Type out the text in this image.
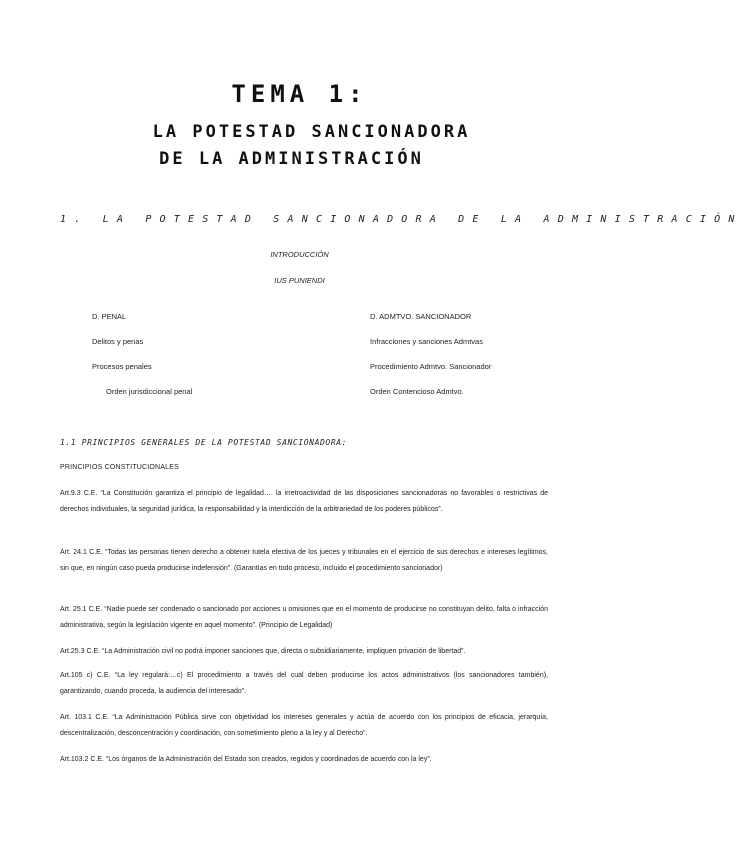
TEMA 1:
LA POTESTAD SANCIONADORA
DE LA ADMINISTRACIÓN
1. LA POTESTAD SANCIONADORA DE LA ADMINISTRACIÓN
INTRODUCCIÓN
IUS PUNIENDI
D. PENAL
Delitos y penas
Procesos penales
Orden jurisdiccional penal
D. ADMTVO. SANCIONADOR
Infracciones y sanciones Admtvas
Procedimiento Admtvo. Sancionador
Orden Contencioso Admtvo.
1.1 PRINCIPIOS GENERALES DE LA POTESTAD SANCIONADORA:
PRINCIPIOS CONSTITUCIONALES

Art.9.3 C.E. “La Constitución garantiza el principio de legalidad…. la irretroactividad de las disposiciones sancionadoras no favorables o restrictivas de derechos individuales, la seguridad jurídica, la responsabilidad y la interdicción de la arbitrariedad de los poderes públicos”.

Art. 24.1 C.E. “Todas las personas tienen derecho a obtener tutela efectiva de los jueces y tribunales en el ejercicio de sus derechos e intereses legítimos, sin que, en ningún caso pueda producirse indefensión”. (Garantías en todo proceso, incluido el procedimiento sancionador)

Art. 25.1 C.E. “Nadie puede ser condenado o sancionado por acciones u omisiones que en el momento de producirse no constituyan delito, falta o infracción administrativa, según la legislación vigente en aquel momento”. (Principio de Legalidad)

Art.25.3 C.E. “La Administración civil no podrá imponer sanciones que, directa o subsidiariamente, impliquen privación de libertad”.

Art.105 c) C.E. “La ley regulará:…c) El procedimiento a través del cual deben producirse los actos administrativos (los sancionadores también), garantizando, cuando proceda, la audiencia del interesado”.

Art. 103.1 C.E. “La Administración Pública sirve con objetividad los intereses generales y actúa de acuerdo con los principios de eficacia, jerarquía, descentralización, desconcentración y coordinación, con sometimiento pleno a la ley y al Derecho”.

Art.103.2 C.E. “Los órganos de la Administración del Estado son creados, regidos y coordinados de acuerdo con la ley”.
